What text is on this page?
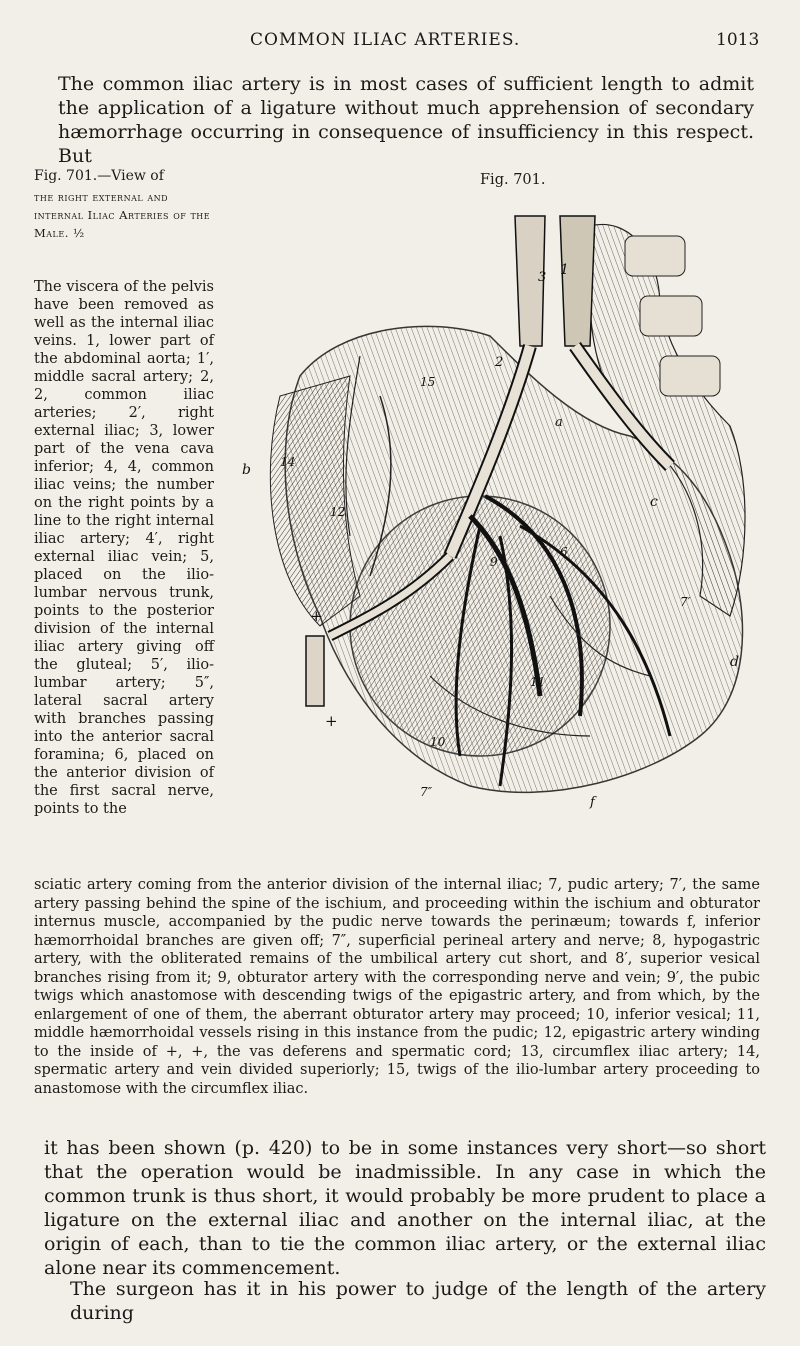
COMMON ILIAC ARTERIES.	1013

The common iliac artery is in most cases of sufficient length to admit the application of a ligature without much apprehension of secondary hæmorrhage occurring in consequence of insufficiency in this respect. But

Fig. 701.—View of
the right external and internal Iliac Arteries of the Male. ½
The viscera of the pelvis have been removed as well as the internal iliac veins. 1, lower part of the abdominal aorta; 1′, middle sacral artery; 2, 2, common iliac arteries; 2′, right external iliac; 3, lower part of the vena cava inferior; 4, 4, common iliac veins; the number on the right points by a line to the right internal iliac artery; 4′, right external iliac vein; 5, placed on the ilio-lumbar nervous trunk, points to the posterior division of the internal iliac artery giving off the gluteal; 5′, ilio-lumbar artery; 5″, lateral sacral artery with branches passing into the anterior sacral foramina; 6, placed on the anterior division of the first sacral nerve, points to the
Fig. 701.
1
3
2
15
b 14
12
a
c
d
7′
6
9
11
10
7″
f
+
+
sciatic artery coming from the anterior division of the internal iliac; 7, pudic artery; 7′, the same artery passing behind the spine of the ischium, and proceeding within the ischium and obturator internus muscle, accompanied by the pudic nerve towards the perinæum; towards f, inferior hæmorrhoidal branches are given off; 7″, superficial perineal artery and nerve; 8, hypogastric artery, with the obliterated remains of the umbilical artery cut short, and 8′, superior vesical branches rising from it; 9, obturator artery with the corresponding nerve and vein; 9′, the pubic twigs which anastomose with descending twigs of the epigastric artery, and from which, by the enlargement of one of them, the aberrant obturator artery may proceed; 10, inferior vesical; 11, middle hæmorrhoidal vessels rising in this instance from the pudic; 12, epigastric artery winding to the inside of +, +, the vas deferens and spermatic cord; 13, circumflex iliac artery; 14, spermatic artery and vein divided superiorly; 15, twigs of the ilio-lumbar artery proceeding to anastomose with the circumflex iliac.

it has been shown (p. 420) to be in some instances very short—so short that the operation would be inadmissible. In any case in which the common trunk is thus short, it would probably be more prudent to place a ligature on the external iliac and another on the internal iliac, at the origin of each, than to tie the common iliac artery, or the external iliac alone near its commencement.

The surgeon has it in his power to judge of the length of the artery during
